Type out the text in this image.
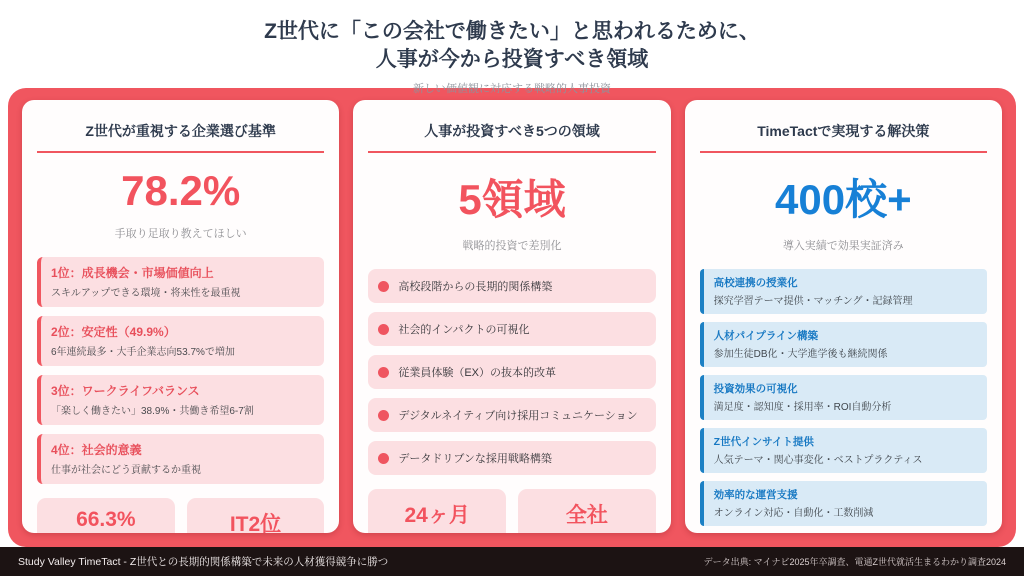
Z世代に「この会社で働きたい」と思われるために、
人事が今から投資すべき領域
新しい価値観に対応する戦略的人事投資
Z世代が重視する企業選び基準
78.2%
手取り足取り教えてほしい
1位：成長機会・市場価値向上
スキルアップできる環境・将来性を最重視
2位：安定性（49.9%）
6年連続最多・大手企業志向53.7%で増加
3位：ワークライフバランス
「楽しく働きたい」38.9%・共働き希望6-7割
4位：社会的意義
仕事が社会にどう貢献するか重視
66.3%	IT2位

人事が投資すべき5つの領域
5領域
戦略的投資で差別化
高校段階からの長期的関係構築
社会的インパクトの可視化
従業員体験（EX）の抜本的改革
デジタルネイティブ向け採用コミュニケーション
データドリブンな採用戦略構築
24ヶ月	全社

TimeTactで実現する解決策
400校+
導入実績で効果実証済み
高校連携の授業化
探究学習テーマ提供・マッチング・記録管理
人材パイプライン構築
参加生徒DB化・大学進学後も継続関係
投資効果の可視化
満足度・認知度・採用率・ROI自動分析
Z世代インサイト提供
人気テーマ・関心事変化・ベストプラクティス
効率的な運営支援
オンライン対応・自動化・工数削減

Study Valley TimeTact - Z世代との長期的関係構築で未来の人材獲得競争に勝つ	データ出典: マイナビ2025年卒調査、電通Z世代就活生まるわかり調査2024
